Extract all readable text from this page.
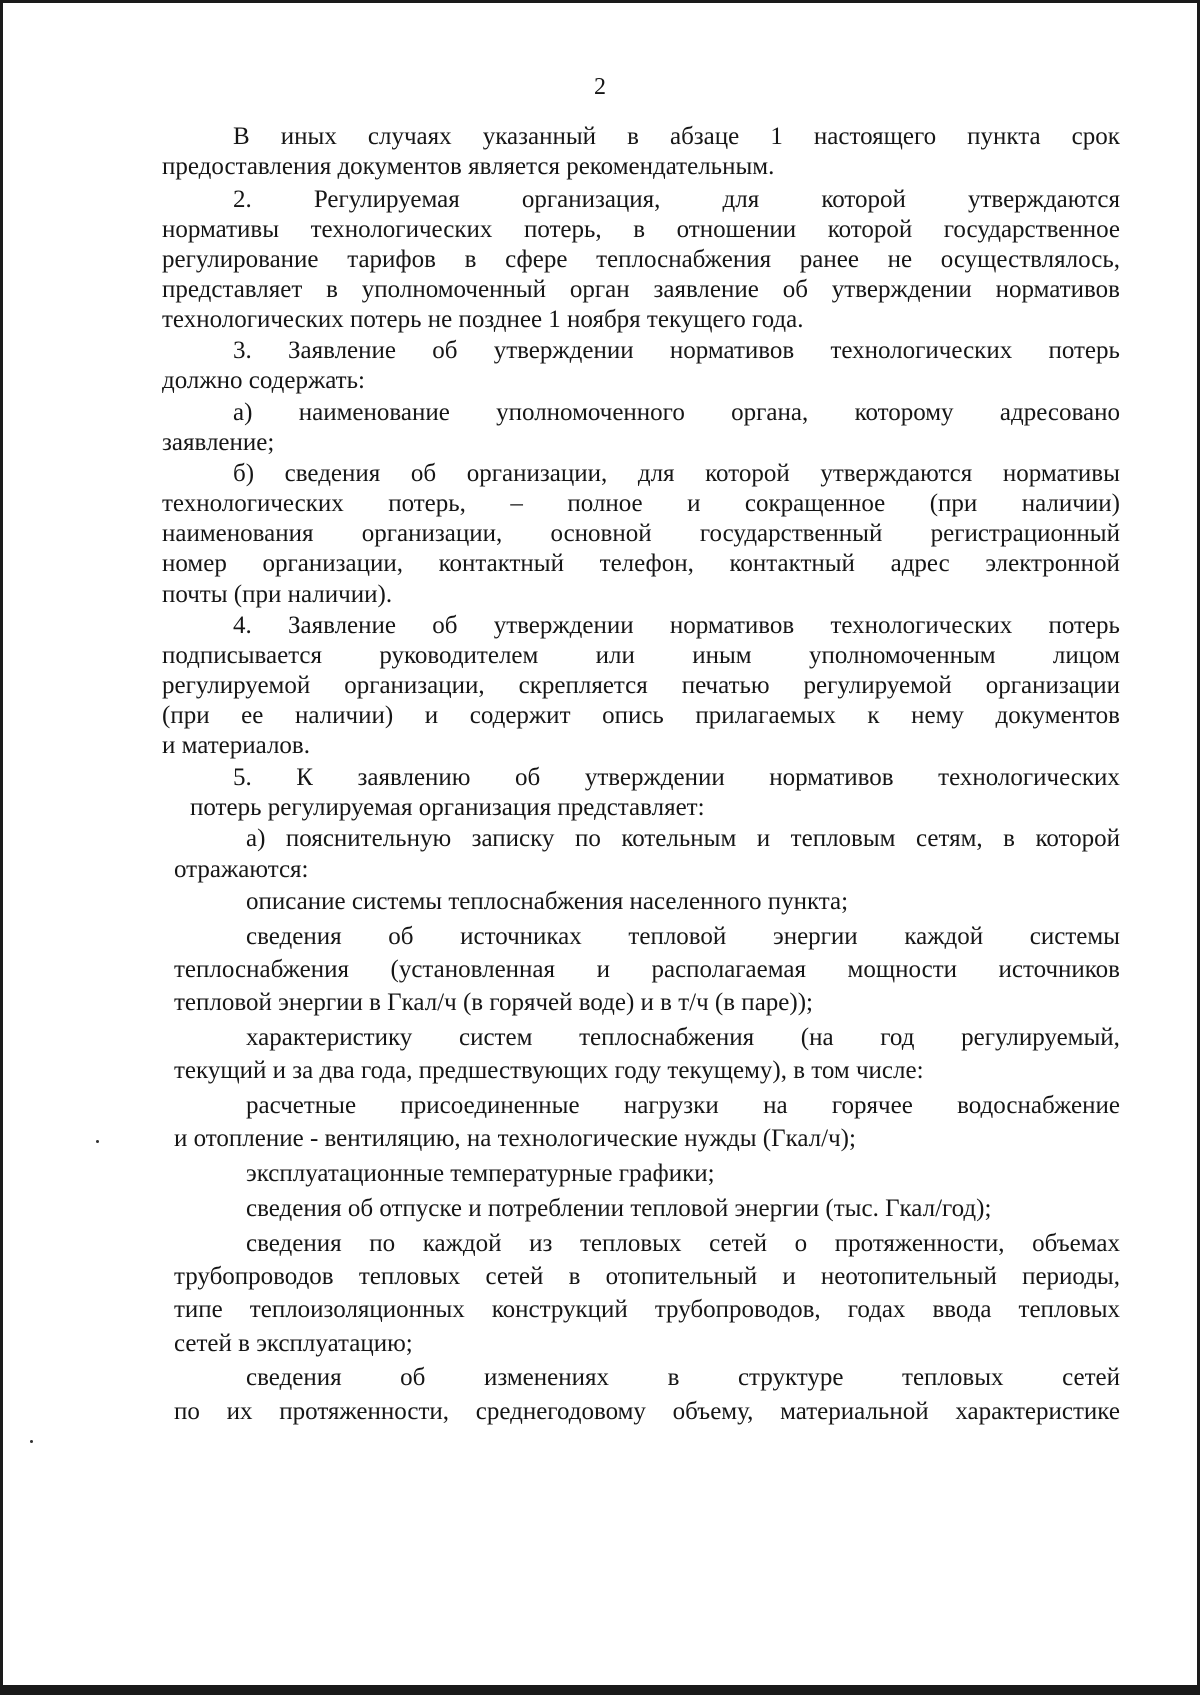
2

В иных случаях указанный в абзаце 1 настоящего пункта срок

предоставления документов является рекомендательным.

2. Регулируемая организация, для которой утверждаются

нормативы технологических потерь, в отношении которой государственное

регулирование тарифов в сфере теплоснабжения ранее не осуществлялось,

представляет в уполномоченный орган заявление об утверждении нормативов

технологических потерь не позднее 1 ноября текущего года.

3. Заявление об утверждении нормативов технологических потерь

должно содержать:

а) наименование уполномоченного органа, которому адресовано

заявление;

б) сведения об организации, для которой утверждаются нормативы

технологических потерь, – полное и сокращенное (при наличии)

наименования организации, основной государственный регистрационный

номер организации, контактный телефон, контактный адрес электронной

почты (при наличии).

4. Заявление об утверждении нормативов технологических потерь

подписывается руководителем или иным уполномоченным лицом

регулируемой организации, скрепляется печатью регулируемой организации

(при ее наличии) и содержит опись прилагаемых к нему документов

и материалов.

5. К заявлению об утверждении нормативов технологических

потерь регулируемая организация представляет:

а) пояснительную записку по котельным и тепловым сетям, в которой

отражаются:

описание системы теплоснабжения населенного пункта;

сведения об источниках тепловой энергии каждой системы

теплоснабжения (установленная и располагаемая мощности источников

тепловой энергии в Гкал/ч (в горячей воде) и в т/ч (в паре));

характеристику систем теплоснабжения (на год регулируемый,

текущий и за два года, предшествующих году текущему), в том числе:

расчетные присоединенные нагрузки на горячее водоснабжение

и отопление - вентиляцию, на технологические нужды (Гкал/ч);

эксплуатационные температурные графики;

сведения об отпуске и потреблении тепловой энергии (тыс. Гкал/год);

сведения по каждой из тепловых сетей о протяженности, объемах

трубопроводов тепловых сетей в отопительный и неотопительный периоды,

типе теплоизоляционных конструкций трубопроводов, годах ввода тепловых

сетей в эксплуатацию;

сведения об изменениях в структуре тепловых сетей

по их протяженности, среднегодовому объему, материальной характеристике
